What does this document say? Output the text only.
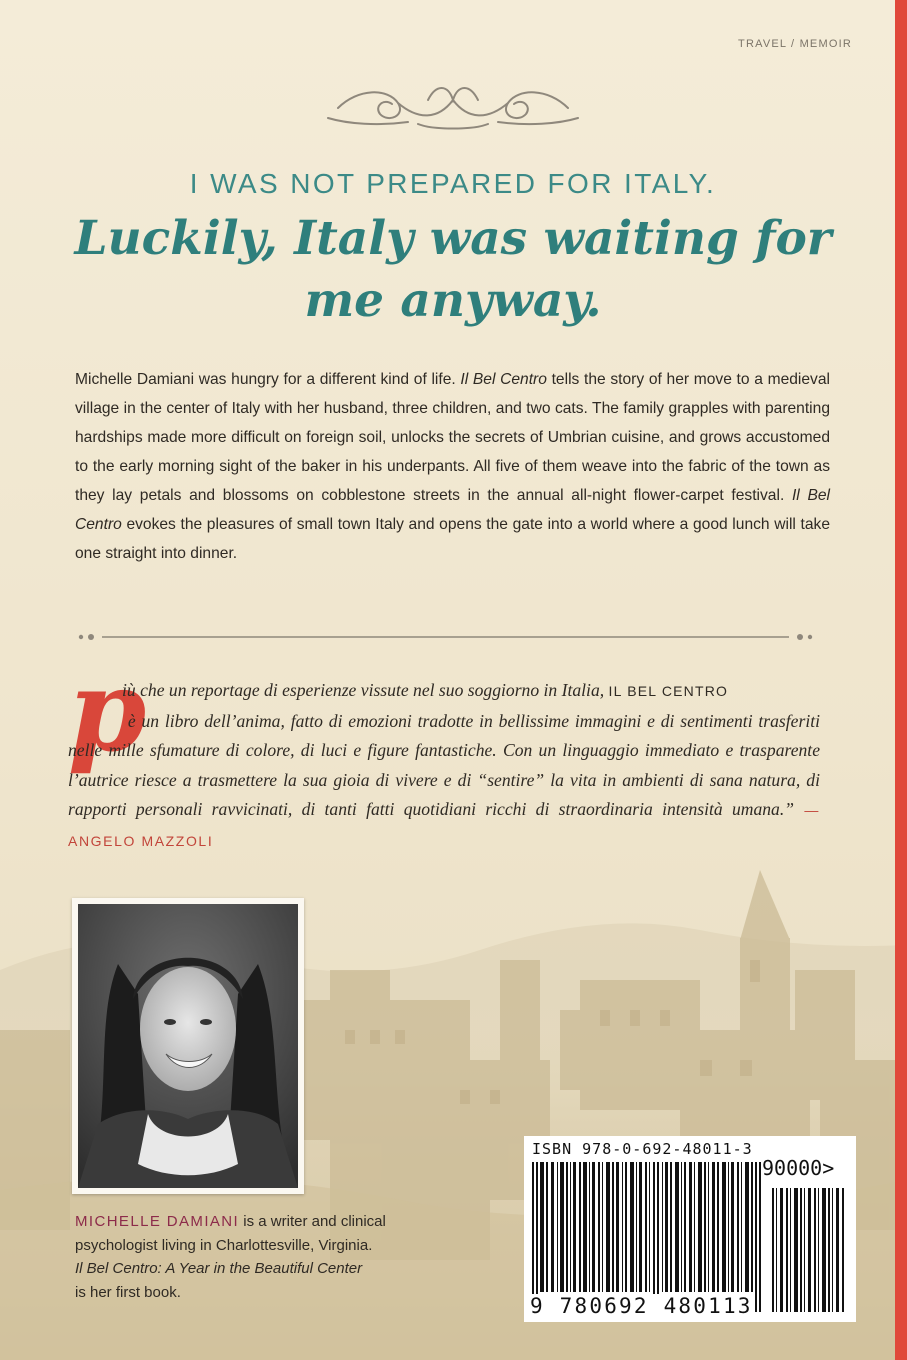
TRAVEL / MEMOIR
I WAS NOT PREPARED FOR ITALY.
Luckily, Italy was waiting for me anyway.
Michelle Damiani was hungry for a different kind of life. Il Bel Centro tells the story of her move to a medieval village in the center of Italy with her husband, three children, and two cats. The family grapples with parenting hardships made more difficult on foreign soil, unlocks the secrets of Umbrian cuisine, and grows accustomed to the early morning sight of the baker in his underpants. All five of them weave into the fabric of the town as they lay petals and blossoms on cobblestone streets in the annual all-night flower-carpet festival. Il Bel Centro evokes the pleasures of small town Italy and opens the gate into a world where a good lunch will take one straight into dinner.
p
iù che un reportage di esperienze vissute nel suo soggiorno in Italia, IL BEL CENTRO
è un libro dell’anima, fatto di emozioni tradotte in bellissime immagini e di sentimenti trasferiti nelle mille sfumature di colore, di luci e figure fantastiche. Con un linguaggio immediato e trasparente l’autrice riesce a trasmettere la sua gioia di vivere e di “sentire” la vita in ambienti di sana natura, di rapporti personali ravvicinati, di tanti fatti quotidiani ricchi di straordinaria intensità umana.” — ANGELO MAZZOLI
MICHELLE DAMIANI is a writer and clinical psychologist living in Charlottesville, Virginia.
Il Bel Centro: A Year in the Beautiful Center
is her first book.
ISBN 978-0-692-48011-3
90000>
9 780692 480113
